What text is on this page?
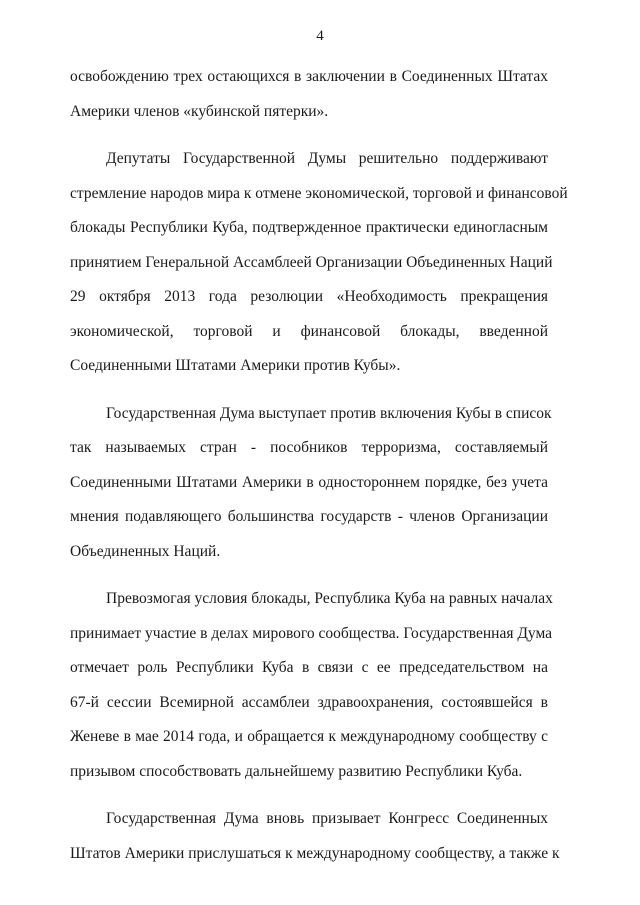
4
освобождению трех остающихся в заключении в Соединенных Штатах
Америки членов «кубинской пятерки».
Депутаты Государственной Думы решительно поддерживают
стремление народов мира к отмене экономической, торговой и финансовой
блокады Республики Куба, подтвержденное практически единогласным
принятием Генеральной Ассамблеей Организации Объединенных Наций
29 октября 2013 года резолюции «Необходимость прекращения
экономической, торговой и финансовой блокады, введенной
Соединенными Штатами Америки против Кубы».
Государственная Дума выступает против включения Кубы в список
так называемых стран - пособников терроризма, составляемый
Соединенными Штатами Америки в одностороннем порядке, без учета
мнения подавляющего большинства государств - членов Организации
Объединенных Наций.
Превозмогая условия блокады, Республика Куба на равных началах
принимает участие в делах мирового сообщества. Государственная Дума
отмечает роль Республики Куба в связи с ее председательством на
67-й сессии Всемирной ассамблеи здравоохранения, состоявшейся в
Женеве в мае 2014 года, и обращается к международному сообществу с
призывом способствовать дальнейшему развитию Республики Куба.
Государственная Дума вновь призывает Конгресс Соединенных
Штатов Америки прислушаться к международному сообществу, а также к
